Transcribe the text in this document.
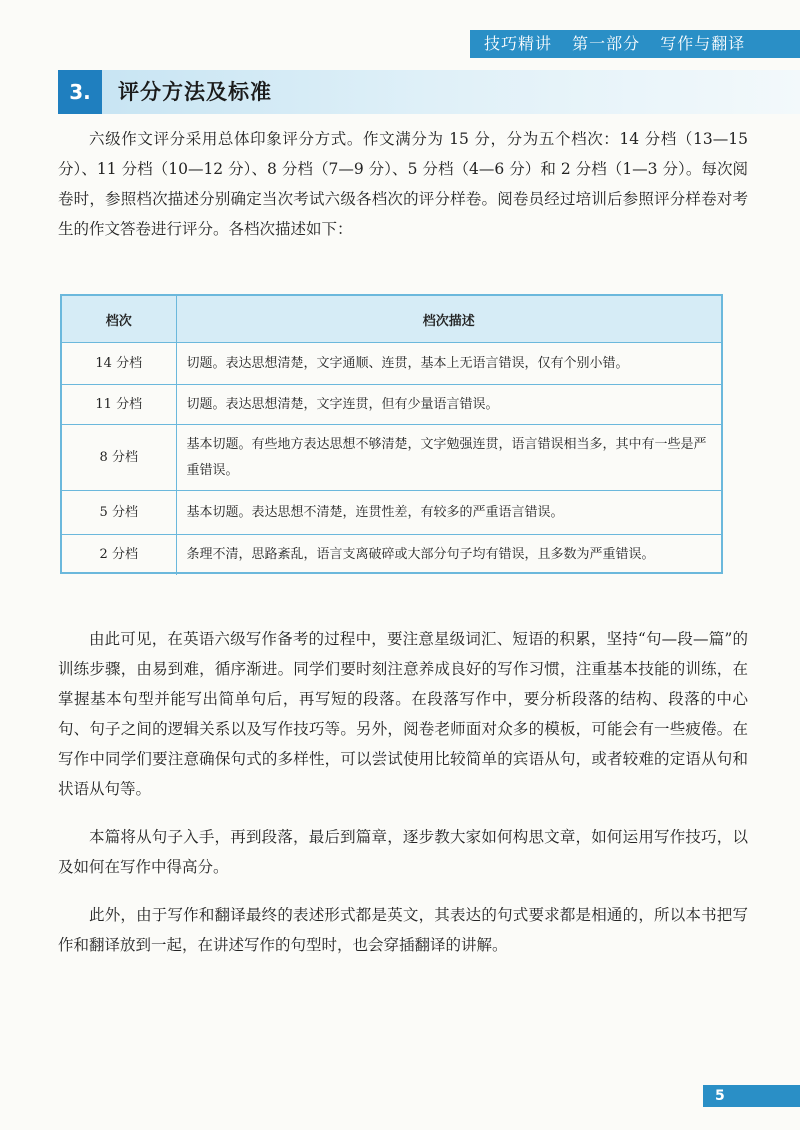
技巧精讲 第一部分 写作与翻译
3.	评分方法及标准

六级作文评分采用总体印象评分方式。作文满分为 15 分，分为五个档次：14 分档（13—15 分）、11 分档（10—12 分）、8 分档（7—9 分）、5 分档（4—6 分）和 2 分档（1—3 分）。每次阅卷时，参照档次描述分别确定当次考试六级各档次的评分样卷。阅卷员经过培训后参照评分样卷对考生的作文答卷进行评分。各档次描述如下：

档次	档次描述
14 分档	切题。表达思想清楚，文字通顺、连贯，基本上无语言错误，仅有个别小错。
11 分档	切题。表达思想清楚，文字连贯，但有少量语言错误。
8 分档	基本切题。有些地方表达思想不够清楚，文字勉强连贯，语言错误相当多，其中有一些是严重错误。
5 分档	基本切题。表达思想不清楚，连贯性差，有较多的严重语言错误。
2 分档	条理不清，思路紊乱，语言支离破碎或大部分句子均有错误，且多数为严重错误。

由此可见，在英语六级写作备考的过程中，要注意星级词汇、短语的积累，坚持“句—段—篇”的训练步骤，由易到难，循序渐进。同学们要时刻注意养成良好的写作习惯，注重基本技能的训练，在掌握基本句型并能写出简单句后，再写短的段落。在段落写作中，要分析段落的结构、段落的中心句、句子之间的逻辑关系以及写作技巧等。另外，阅卷老师面对众多的模板，可能会有一些疲倦。在写作中同学们要注意确保句式的多样性，可以尝试使用比较简单的宾语从句，或者较难的定语从句和状语从句等。

本篇将从句子入手，再到段落，最后到篇章，逐步教大家如何构思文章，如何运用写作技巧，以及如何在写作中得高分。

此外，由于写作和翻译最终的表述形式都是英文，其表达的句式要求都是相通的，所以本书把写作和翻译放到一起，在讲述写作的句型时，也会穿插翻译的讲解。

5
